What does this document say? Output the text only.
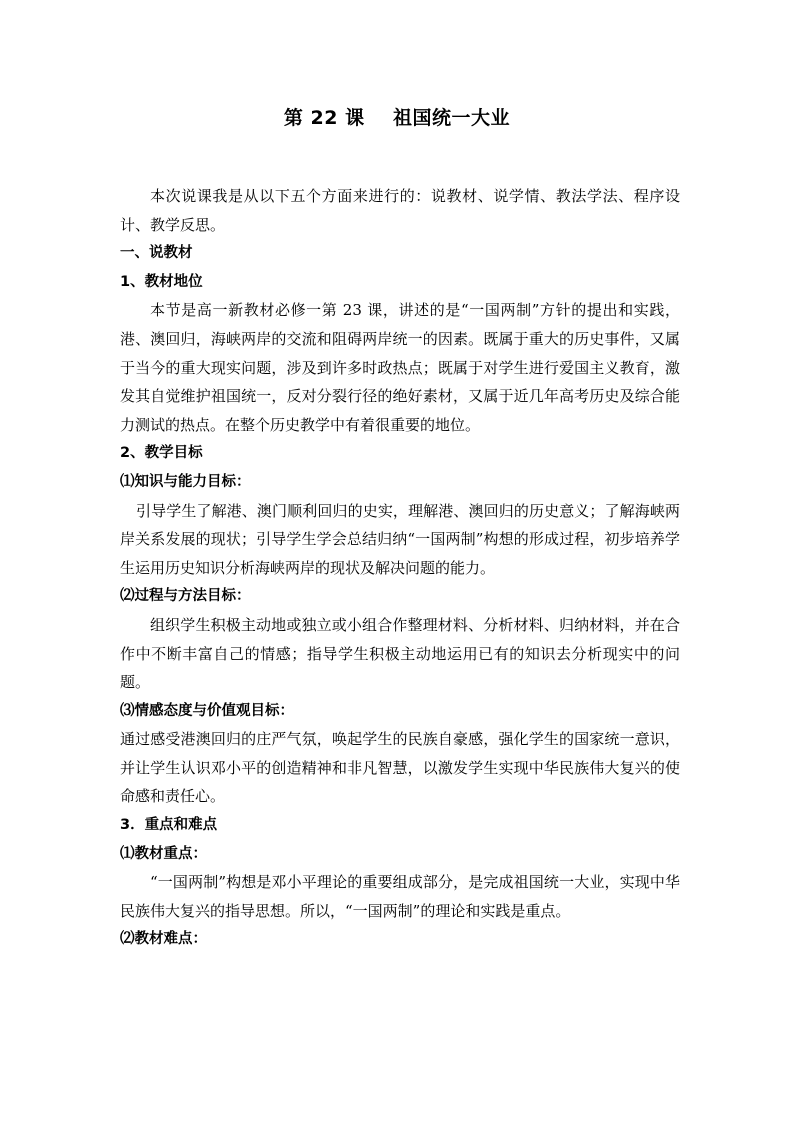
第 22 课    祖国统一大业

本次说课我是从以下五个方面来进行的：说教材、说学情、教法学法、程序设计、教学反思。

一、说教材

1、教材地位

本节是高一新教材必修一第 23 课，讲述的是“一国两制”方针的提出和实践，港、澳回归，海峡两岸的交流和阻碍两岸统一的因素。既属于重大的历史事件，又属于当今的重大现实问题，涉及到许多时政热点；既属于对学生进行爱国主义教育，激发其自觉维护祖国统一，反对分裂行径的绝好素材，又属于近几年高考历史及综合能力测试的热点。在整个历史教学中有着很重要的地位。

2、教学目标

⑴知识与能力目标：

引导学生了解港、澳门顺利回归的史实，理解港、澳回归的历史意义；了解海峡两岸关系发展的现状；引导学生学会总结归纳“一国两制”构想的形成过程，初步培养学生运用历史知识分析海峡两岸的现状及解决问题的能力。

⑵过程与方法目标：

组织学生积极主动地或独立或小组合作整理材料、分析材料、归纳材料，并在合作中不断丰富自己的情感；指导学生积极主动地运用已有的知识去分析现实中的问题。

⑶情感态度与价值观目标：

通过感受港澳回归的庄严气氛，唤起学生的民族自豪感，强化学生的国家统一意识，并让学生认识邓小平的创造精神和非凡智慧，以激发学生实现中华民族伟大复兴的使命感和责任心。

3．重点和难点

⑴教材重点：

“一国两制”构想是邓小平理论的重要组成部分，是完成祖国统一大业，实现中华民族伟大复兴的指导思想。所以，“一国两制”的理论和实践是重点。

⑵教材难点：
